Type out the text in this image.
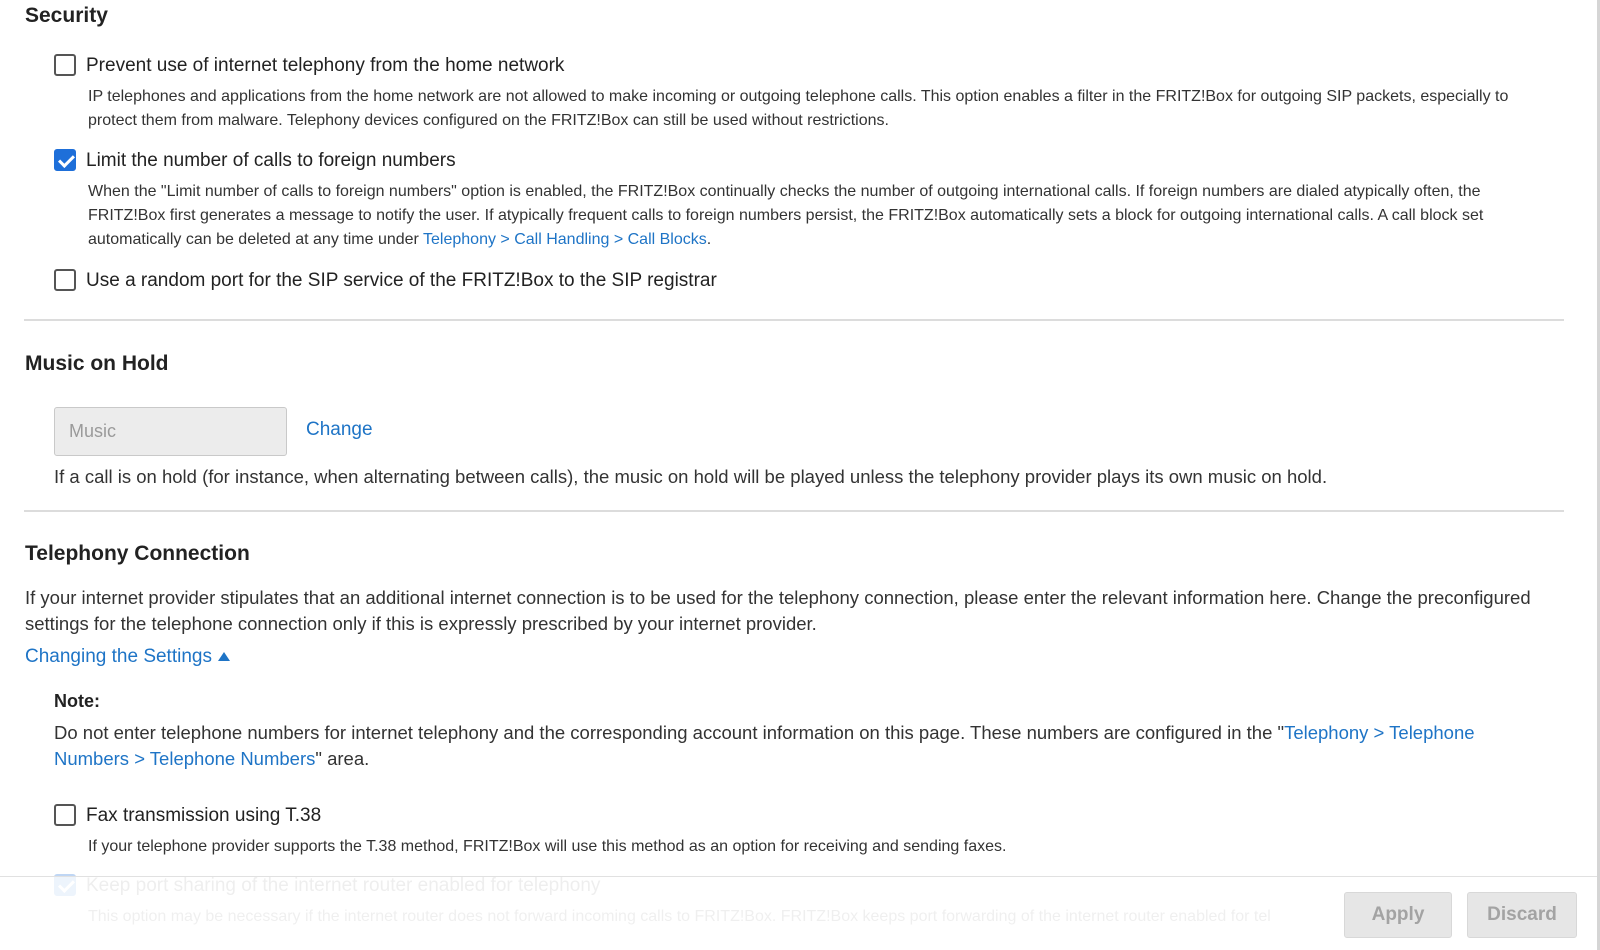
Security
Prevent use of internet telephony from the home network
IP telephones and applications from the home network are not allowed to make incoming or outgoing telephone calls. This option enables a filter in the FRITZ!Box for outgoing SIP packets, especially to protect them from malware. Telephony devices configured on the FRITZ!Box can still be used without restrictions.
Limit the number of calls to foreign numbers
When the "Limit number of calls to foreign numbers" option is enabled, the FRITZ!Box continually checks the number of outgoing international calls. If foreign numbers are dialed atypically often, the FRITZ!Box first generates a message to notify the user. If atypically frequent calls to foreign numbers persist, the FRITZ!Box automatically sets a block for outgoing international calls. A call block set automatically can be deleted at any time under Telephony > Call Handling > Call Blocks.
Use a random port for the SIP service of the FRITZ!Box to the SIP registrar
Music on Hold
Music
Change
If a call is on hold (for instance, when alternating between calls), the music on hold will be played unless the telephony provider plays its own music on hold.
Telephony Connection
If your internet provider stipulates that an additional internet connection is to be used for the telephony connection, please enter the relevant information here. Change the preconfigured settings for the telephone connection only if this is expressly prescribed by your internet provider.
Changing the Settings
Note:
Do not enter telephone numbers for internet telephony and the corresponding account information on this page. These numbers are configured in the "Telephony > Telephone Numbers > Telephone Numbers" area.
Fax transmission using T.38
If your telephone provider supports the T.38 method, FRITZ!Box will use this method as an option for receiving and sending faxes.
Apply	Discard
